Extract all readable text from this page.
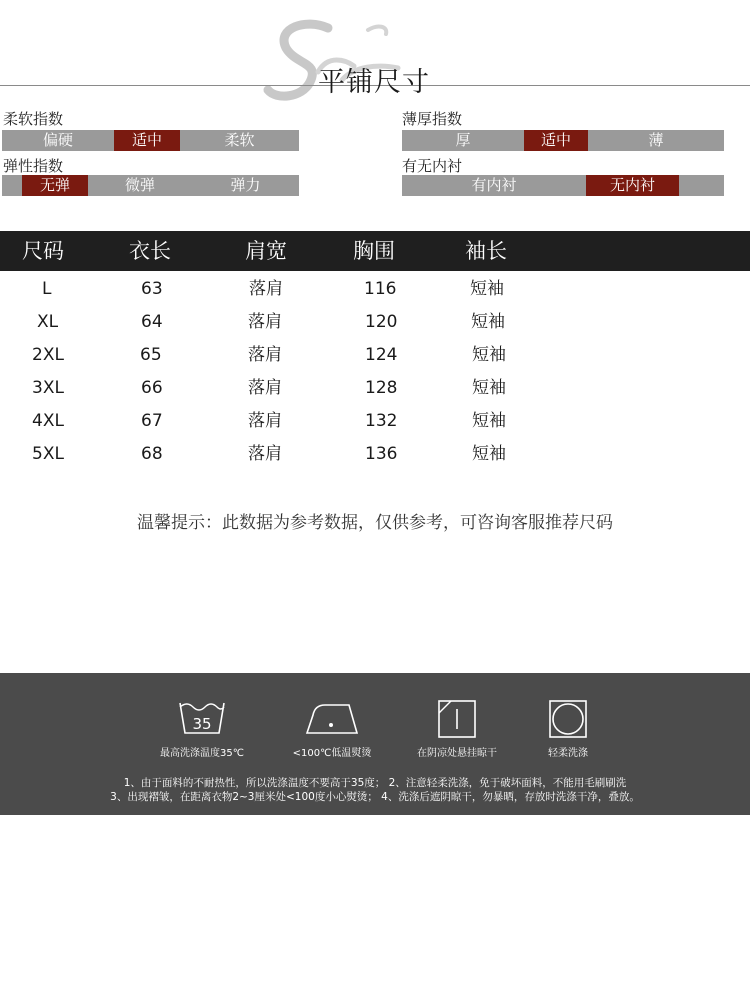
平铺尺寸
柔软指数
偏硬	适中	柔软
弹性指数
无弹	微弹	弹力
薄厚指数
厚	适中	薄
有无内衬
有内衬	无内衬
尺码	衣长	肩宽	胸围	袖长
L	63	落肩	116	短袖
XL	64	落肩	120	短袖
2XL	65	落肩	124	短袖
3XL	66	落肩	128	短袖
4XL	67	落肩	132	短袖
5XL	68	落肩	136	短袖
温馨提示：此数据为参考数据，仅供参考，可咨询客服推荐尺码
35
最高洗涤温度35℃	<100℃低温熨烫	在阴凉处悬挂晾干	轻柔洗涤
1、由于面料的不耐热性，所以洗涤温度不要高于35度； 2、注意轻柔洗涤，免于破坏面料，不能用毛刷刷洗
3、出现褶皱，在距离衣物2~3厘米处<100度小心熨烫； 4、洗涤后遮阴晾干，勿暴晒，存放时洗涤干净，叠放。
